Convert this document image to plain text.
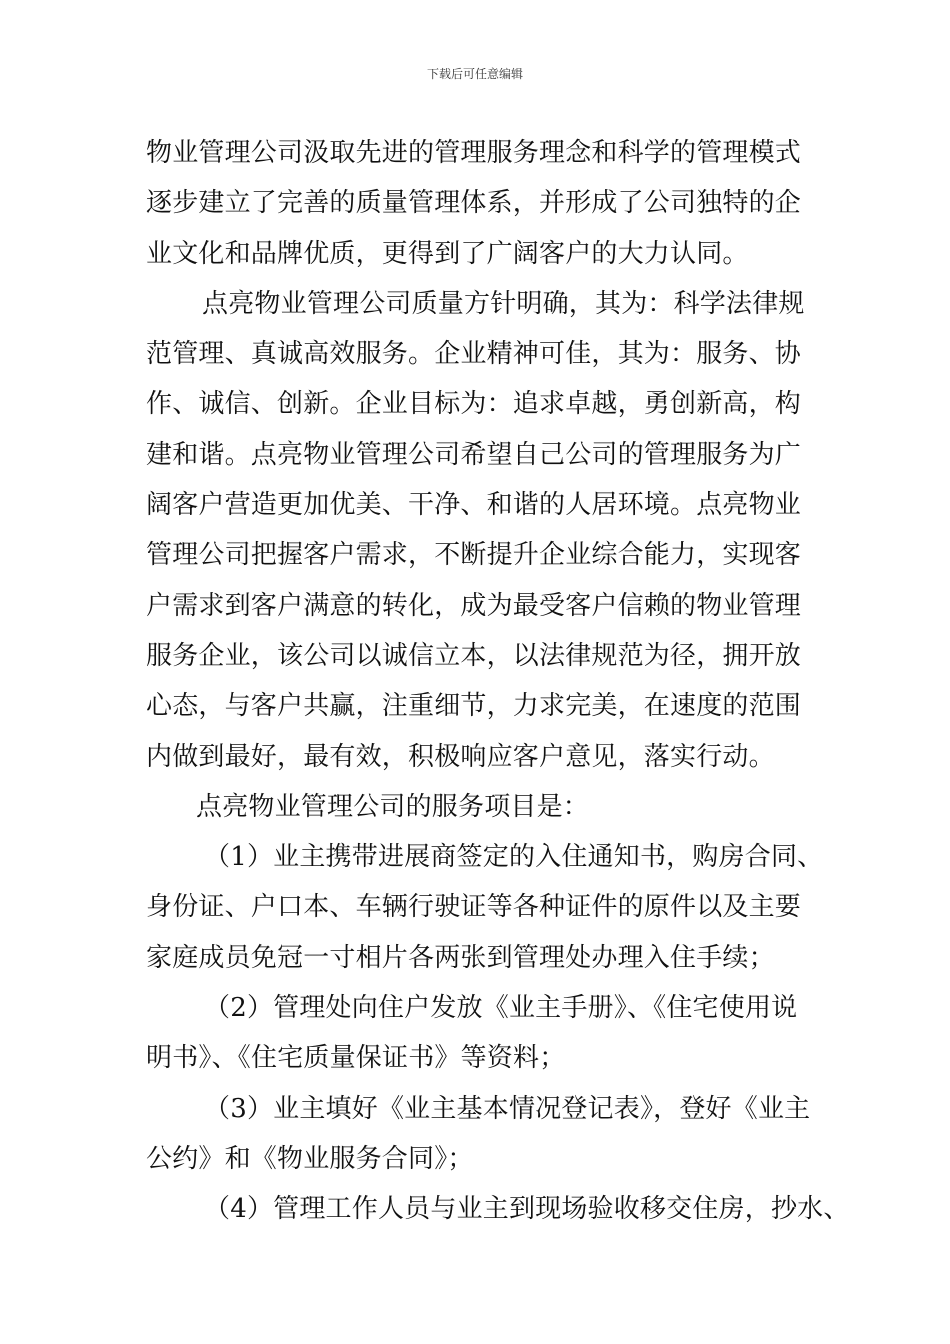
下载后可任意编辑

物业管理公司汲取先进的管理服务理念和科学的管理模式
逐步建立了完善的质量管理体系，并形成了公司独特的企
业文化和品牌优质，更得到了广阔客户的大力认同。

点亮物业管理公司质量方针明确，其为：科学法律规
范管理、真诚高效服务。企业精神可佳，其为：服务、协
作、诚信、创新。企业目标为：追求卓越，勇创新高，构
建和谐。点亮物业管理公司希望自己公司的管理服务为广
阔客户营造更加优美、干净、和谐的人居环境。点亮物业
管理公司把握客户需求，不断提升企业综合能力，实现客
户需求到客户满意的转化，成为最受客户信赖的物业管理
服务企业，该公司以诚信立本，以法律规范为径，拥开放
心态，与客户共赢，注重细节，力求完美，在速度的范围
内做到最好，最有效，积极响应客户意见，落实行动。

点亮物业管理公司的服务项目是：

（1）业主携带进展商签定的入住通知书，购房合同、
身份证、户口本、车辆行驶证等各种证件的原件以及主要
家庭成员免冠一寸相片各两张到管理处办理入住手续；

（2）管理处向住户发放《业主手册》、《住宅使用说
明书》、《住宅质量保证书》等资料；

（3）业主填好《业主基本情况登记表》，登好《业主
公约》和《物业服务合同》；

（4）管理工作人员与业主到现场验收移交住房，抄水、
